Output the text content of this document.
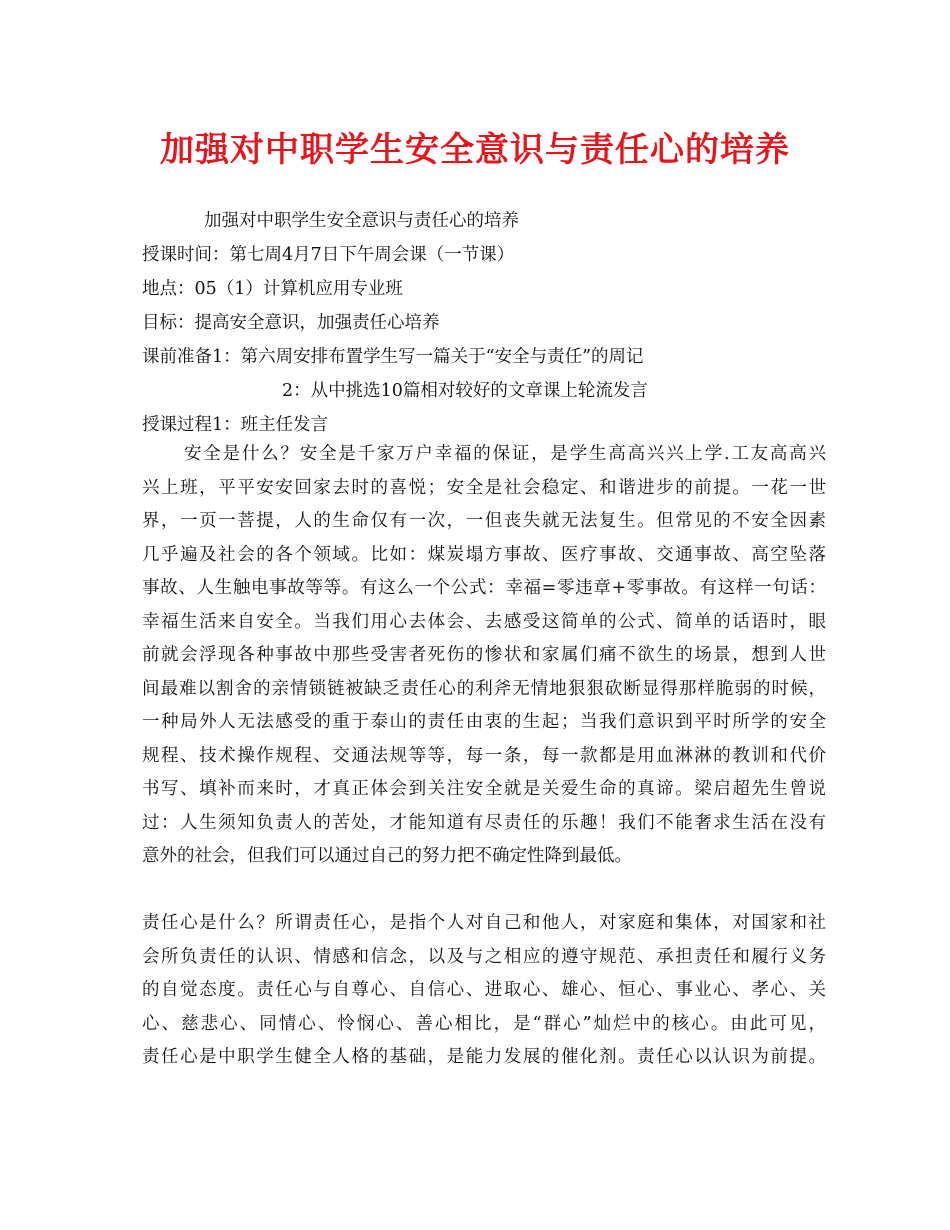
加强对中职学生安全意识与责任心的培养
加强对中职学生安全意识与责任心的培养
授课时间：第七周4月7日下午周会课（一节课）
地点：05（1）计算机应用专业班
目标：提高安全意识，加强责任心培养
课前准备1：第六周安排布置学生写一篇关于“安全与责任”的周记
2：从中挑选10篇相对较好的文章课上轮流发言
授课过程1：班主任发言
安全是什么？安全是千家万户幸福的保证，是学生高高兴兴上学.工友高高兴
兴上班，平平安安回家去时的喜悦；安全是社会稳定、和谐进步的前提。一花一世
界，一页一菩提，人的生命仅有一次，一但丧失就无法复生。但常见的不安全因素
几乎遍及社会的各个领域。比如：煤炭塌方事故、医疗事故、交通事故、高空坠落
事故、人生触电事故等等。有这么一个公式：幸福=零违章+零事故。有这样一句话：
幸福生活来自安全。当我们用心去体会、去感受这简单的公式、简单的话语时，眼
前就会浮现各种事故中那些受害者死伤的惨状和家属们痛不欲生的场景，想到人世
间最难以割舍的亲情锁链被缺乏责任心的利斧无情地狠狠砍断显得那样脆弱的时候，
一种局外人无法感受的重于泰山的责任由衷的生起；当我们意识到平时所学的安全
规程、技术操作规程、交通法规等等，每一条，每一款都是用血淋淋的教训和代价
书写、填补而来时，才真正体会到关注安全就是关爱生命的真谛。梁启超先生曾说
过：人生须知负责人的苦处，才能知道有尽责任的乐趣！我们不能奢求生活在没有
意外的社会，但我们可以通过自己的努力把不确定性降到最低。
责任心是什么？所谓责任心，是指个人对自己和他人，对家庭和集体，对国家和社
会所负责任的认识、情感和信念，以及与之相应的遵守规范、承担责任和履行义务
的自觉态度。责任心与自尊心、自信心、进取心、雄心、恒心、事业心、孝心、关
心、慈悲心、同情心、怜悯心、善心相比，是“群心”灿烂中的核心。由此可见，
责任心是中职学生健全人格的基础，是能力发展的催化剂。责任心以认识为前提。
